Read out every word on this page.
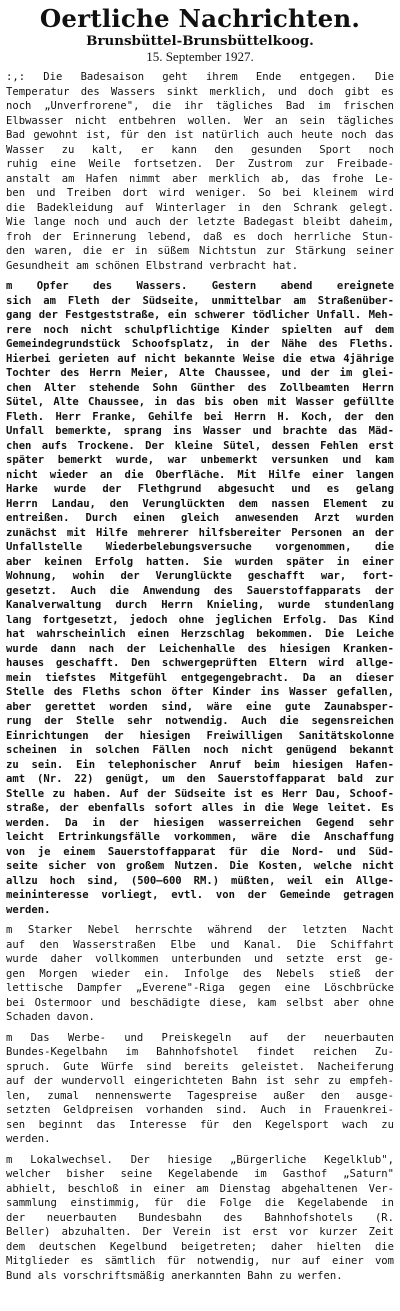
Oertliche Nachrichten.
Brunsbüttel-Brunsbüttelkoog.
15. September 1927.
:,: Die Badesaison geht ihrem Ende entgegen. Die
Temperatur des Wassers sinkt merklich, und doch gibt es
noch „Unverfrorene", die ihr tägliches Bad im frischen
Elbwasser nicht entbehren wollen. Wer an sein tägliches
Bad gewohnt ist, für den ist natürlich auch heute noch das
Wasser zu kalt, er kann den gesunden Sport noch
ruhig eine Weile fortsetzen. Der Zustrom zur Freibade-
anstalt am Hafen nimmt aber merklich ab, das frohe Le-
ben und Treiben dort wird weniger. So bei kleinem wird
die Badekleidung auf Winterlager in den Schrank gelegt.
Wie lange noch und auch der letzte Badegast bleibt daheim,
froh der Erinnerung lebend, daß es doch herrliche Stun-
den waren, die er in süßem Nichtstun zur Stärkung seiner
Gesundheit am schönen Elbstrand verbracht hat.
m Opfer des Wassers. Gestern abend ereignete
sich am Fleth der Südseite, unmittelbar am Straßenüber-
gang der Festgeststraße, ein schwerer tödlicher Unfall. Meh-
rere noch nicht schulpflichtige Kinder spielten auf dem
Gemeindegrundstück Schoofsplatz, in der Nähe des Fleths.
Hierbei gerieten auf nicht bekannte Weise die etwa 4jährige
Tochter des Herrn Meier, Alte Chaussee, und der im glei-
chen Alter stehende Sohn Günther des Zollbeamten Herrn
Sütel, Alte Chaussee, in das bis oben mit Wasser gefüllte
Fleth. Herr Franke, Gehilfe bei Herrn H. Koch, der den
Unfall bemerkte, sprang ins Wasser und brachte das Mäd-
chen aufs Trockene. Der kleine Sütel, dessen Fehlen erst
später bemerkt wurde, war unbemerkt versunken und kam
nicht wieder an die Oberfläche. Mit Hilfe einer langen
Harke wurde der Flethgrund abgesucht und es gelang
Herrn Landau, den Verunglückten dem nassen Element zu
entreißen. Durch einen gleich anwesenden Arzt wurden
zunächst mit Hilfe mehrerer hilfsbereiter Personen an der
Unfallstelle Wiederbelebungsversuche vorgenommen, die
aber keinen Erfolg hatten. Sie wurden später in einer
Wohnung, wohin der Verunglückte geschafft war, fort-
gesetzt. Auch die Anwendung des Sauerstoffapparats der
Kanalverwaltung durch Herrn Knieling, wurde stundenlang
lang fortgesetzt, jedoch ohne jeglichen Erfolg. Das Kind
hat wahrscheinlich einen Herzschlag bekommen. Die Leiche
wurde dann nach der Leichenhalle des hiesigen Kranken-
hauses geschafft. Den schwergeprüften Eltern wird allge-
mein tiefstes Mitgefühl entgegengebracht. Da an dieser
Stelle des Fleths schon öfter Kinder ins Wasser gefallen,
aber gerettet worden sind, wäre eine gute Zaunabsper-
rung der Stelle sehr notwendig. Auch die segensreichen
Einrichtungen der hiesigen Freiwilligen Sanitätskolonne
scheinen in solchen Fällen noch nicht genügend bekannt
zu sein. Ein telephonischer Anruf beim hiesigen Hafen-
amt (Nr. 22) genügt, um den Sauerstoffapparat bald zur
Stelle zu haben. Auf der Südseite ist es Herr Dau, Schoof-
straße, der ebenfalls sofort alles in die Wege leitet. Es
werden. Da in der hiesigen wasserreichen Gegend sehr
leicht Ertrinkungsfälle vorkommen, wäre die Anschaffung
von je einem Sauerstoffapparat für die Nord- und Süd-
seite sicher von großem Nutzen. Die Kosten, welche nicht
allzu hoch sind, (500—600 RM.) müßten, weil ein Allge-
meininteresse vorliegt, evtl. von der Gemeinde getragen
werden.
m Starker Nebel herrschte während der letzten Nacht
auf den Wasserstraßen Elbe und Kanal. Die Schiffahrt
wurde daher vollkommen unterbunden und setzte erst ge-
gen Morgen wieder ein. Infolge des Nebels stieß der
lettische Dampfer „Everene"-Riga gegen eine Löschbrücke
bei Ostermoor und beschädigte diese, kam selbst aber ohne
Schaden davon.
m Das Werbe- und Preiskegeln auf der neuerbauten
Bundes-Kegelbahn im Bahnhofshotel findet reichen Zu-
spruch. Gute Würfe sind bereits geleistet. Nacheiferung
auf der wundervoll eingerichteten Bahn ist sehr zu empfeh-
len, zumal nennenswerte Tagespreise außer den ausge-
setzten Geldpreisen vorhanden sind. Auch in Frauenkrei-
sen beginnt das Interesse für den Kegelsport wach zu
werden.
m Lokalwechsel. Der hiesige „Bürgerliche Kegelklub",
welcher bisher seine Kegelabende im Gasthof „Saturn"
abhielt, beschloß in einer am Dienstag abgehaltenen Ver-
sammlung einstimmig, für die Folge die Kegelabende in
der neuerbauten Bundesbahn des Bahnhofshotels (R.
Beller) abzuhalten. Der Verein ist erst vor kurzer Zeit
dem deutschen Kegelbund beigetreten; daher hielten die
Mitglieder es sämtlich für notwendig, nur auf einer vom
Bund als vorschriftsmäßig anerkannten Bahn zu werfen.
